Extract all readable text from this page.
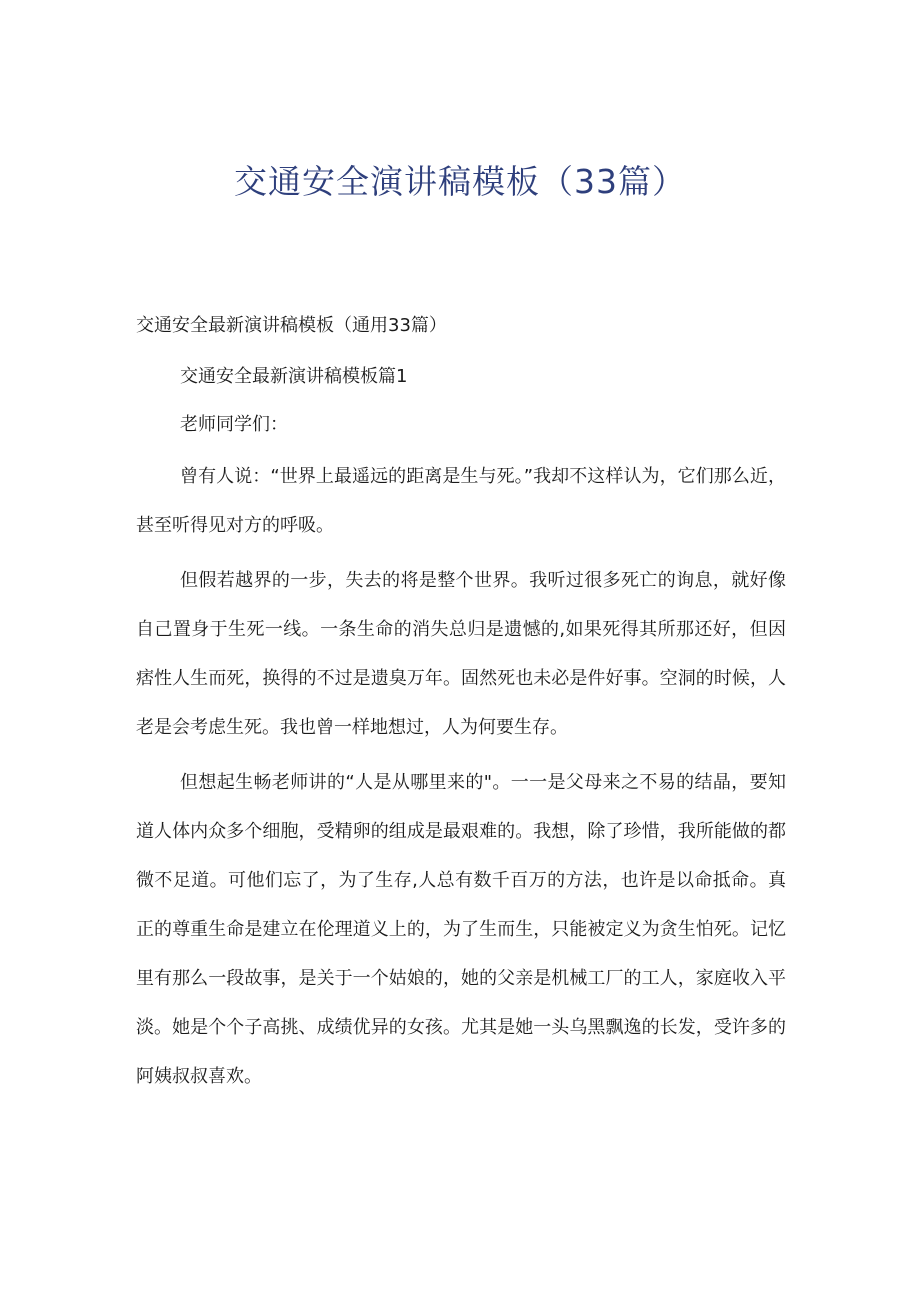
交通安全演讲稿模板（33篇）
交通安全最新演讲稿模板（通用33篇）
交通安全最新演讲稿模板篇1
老师同学们：

曾有人说：“世界上最遥远的距离是生与死。”我却不这样认为，它们那么近，甚至听得见对方的呼吸。

但假若越界的一步，失去的将是整个世界。我听过很多死亡的询息，就好像自己置身于生死一线。一条生命的消失总归是遗憾的,如果死得其所那还好，但因痞性人生而死，换得的不过是遗臭万年。固然死也未必是件好事。空洞的时候，人老是会考虑生死。我也曾一样地想过，人为何要生存。

但想起生畅老师讲的“人是从哪里来的"。一一是父母来之不易的结晶，要知道人体内众多个细胞，受精卵的组成是最艰难的。我想，除了珍惜，我所能做的都微不足道。可他们忘了，为了生存,人总有数千百万的方法，也许是以命抵命。真正的尊重生命是建立在伦理道义上的，为了生而生，只能被定义为贪生怕死。记忆里有那么一段故事，是关于一个姑娘的，她的父亲是机械工厂的工人，家庭收入平淡。她是个个子高挑、成绩优异的女孩。尤其是她一头乌黑飘逸的长发，受许多的阿姨叔叔喜欢。
